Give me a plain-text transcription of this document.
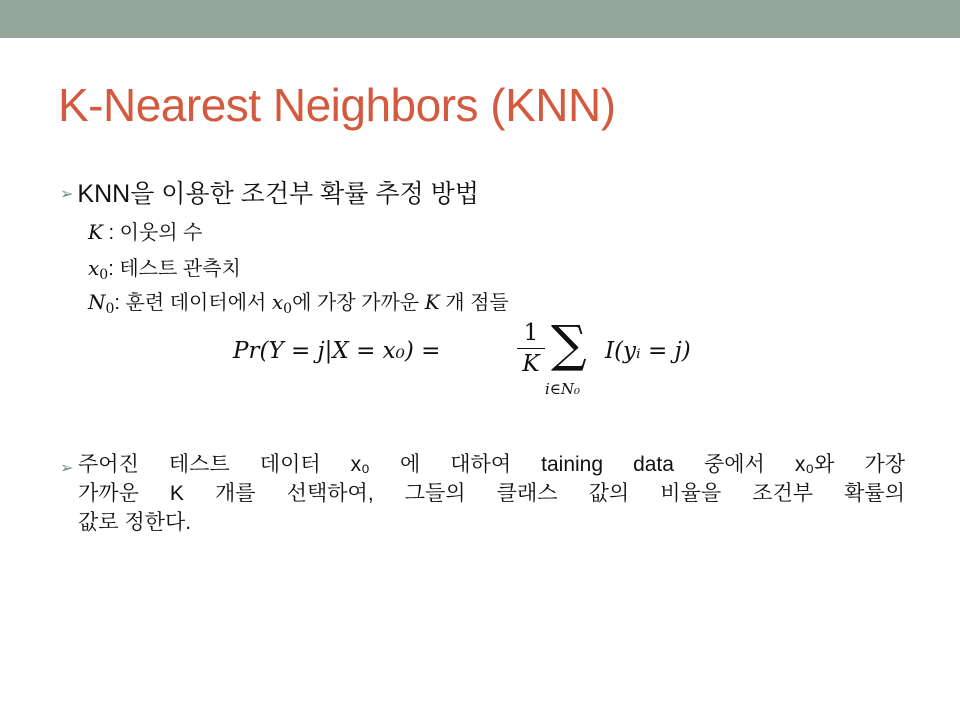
K-Nearest Neighbors (KNN)
➢ KNN을 이용한 조건부 확률 추정 방법
K : 이웃의 수
$x_0$: 테스트 관측치
$N_0$: 훈련 데이터에서 $x_0$에 가장 가까운 K 개 점들
Pr(Y = j|X = x₀) =
1
K ∑
i∈N₀
I(yᵢ = j)
➢ 주어진 테스트 데이터 x₀ 에 대하여 taining data 중에서 x₀와 가장
가까운 K 개를 선택하여, 그들의 클래스 값의 비율을 조건부 확률의
값로 정한다.
